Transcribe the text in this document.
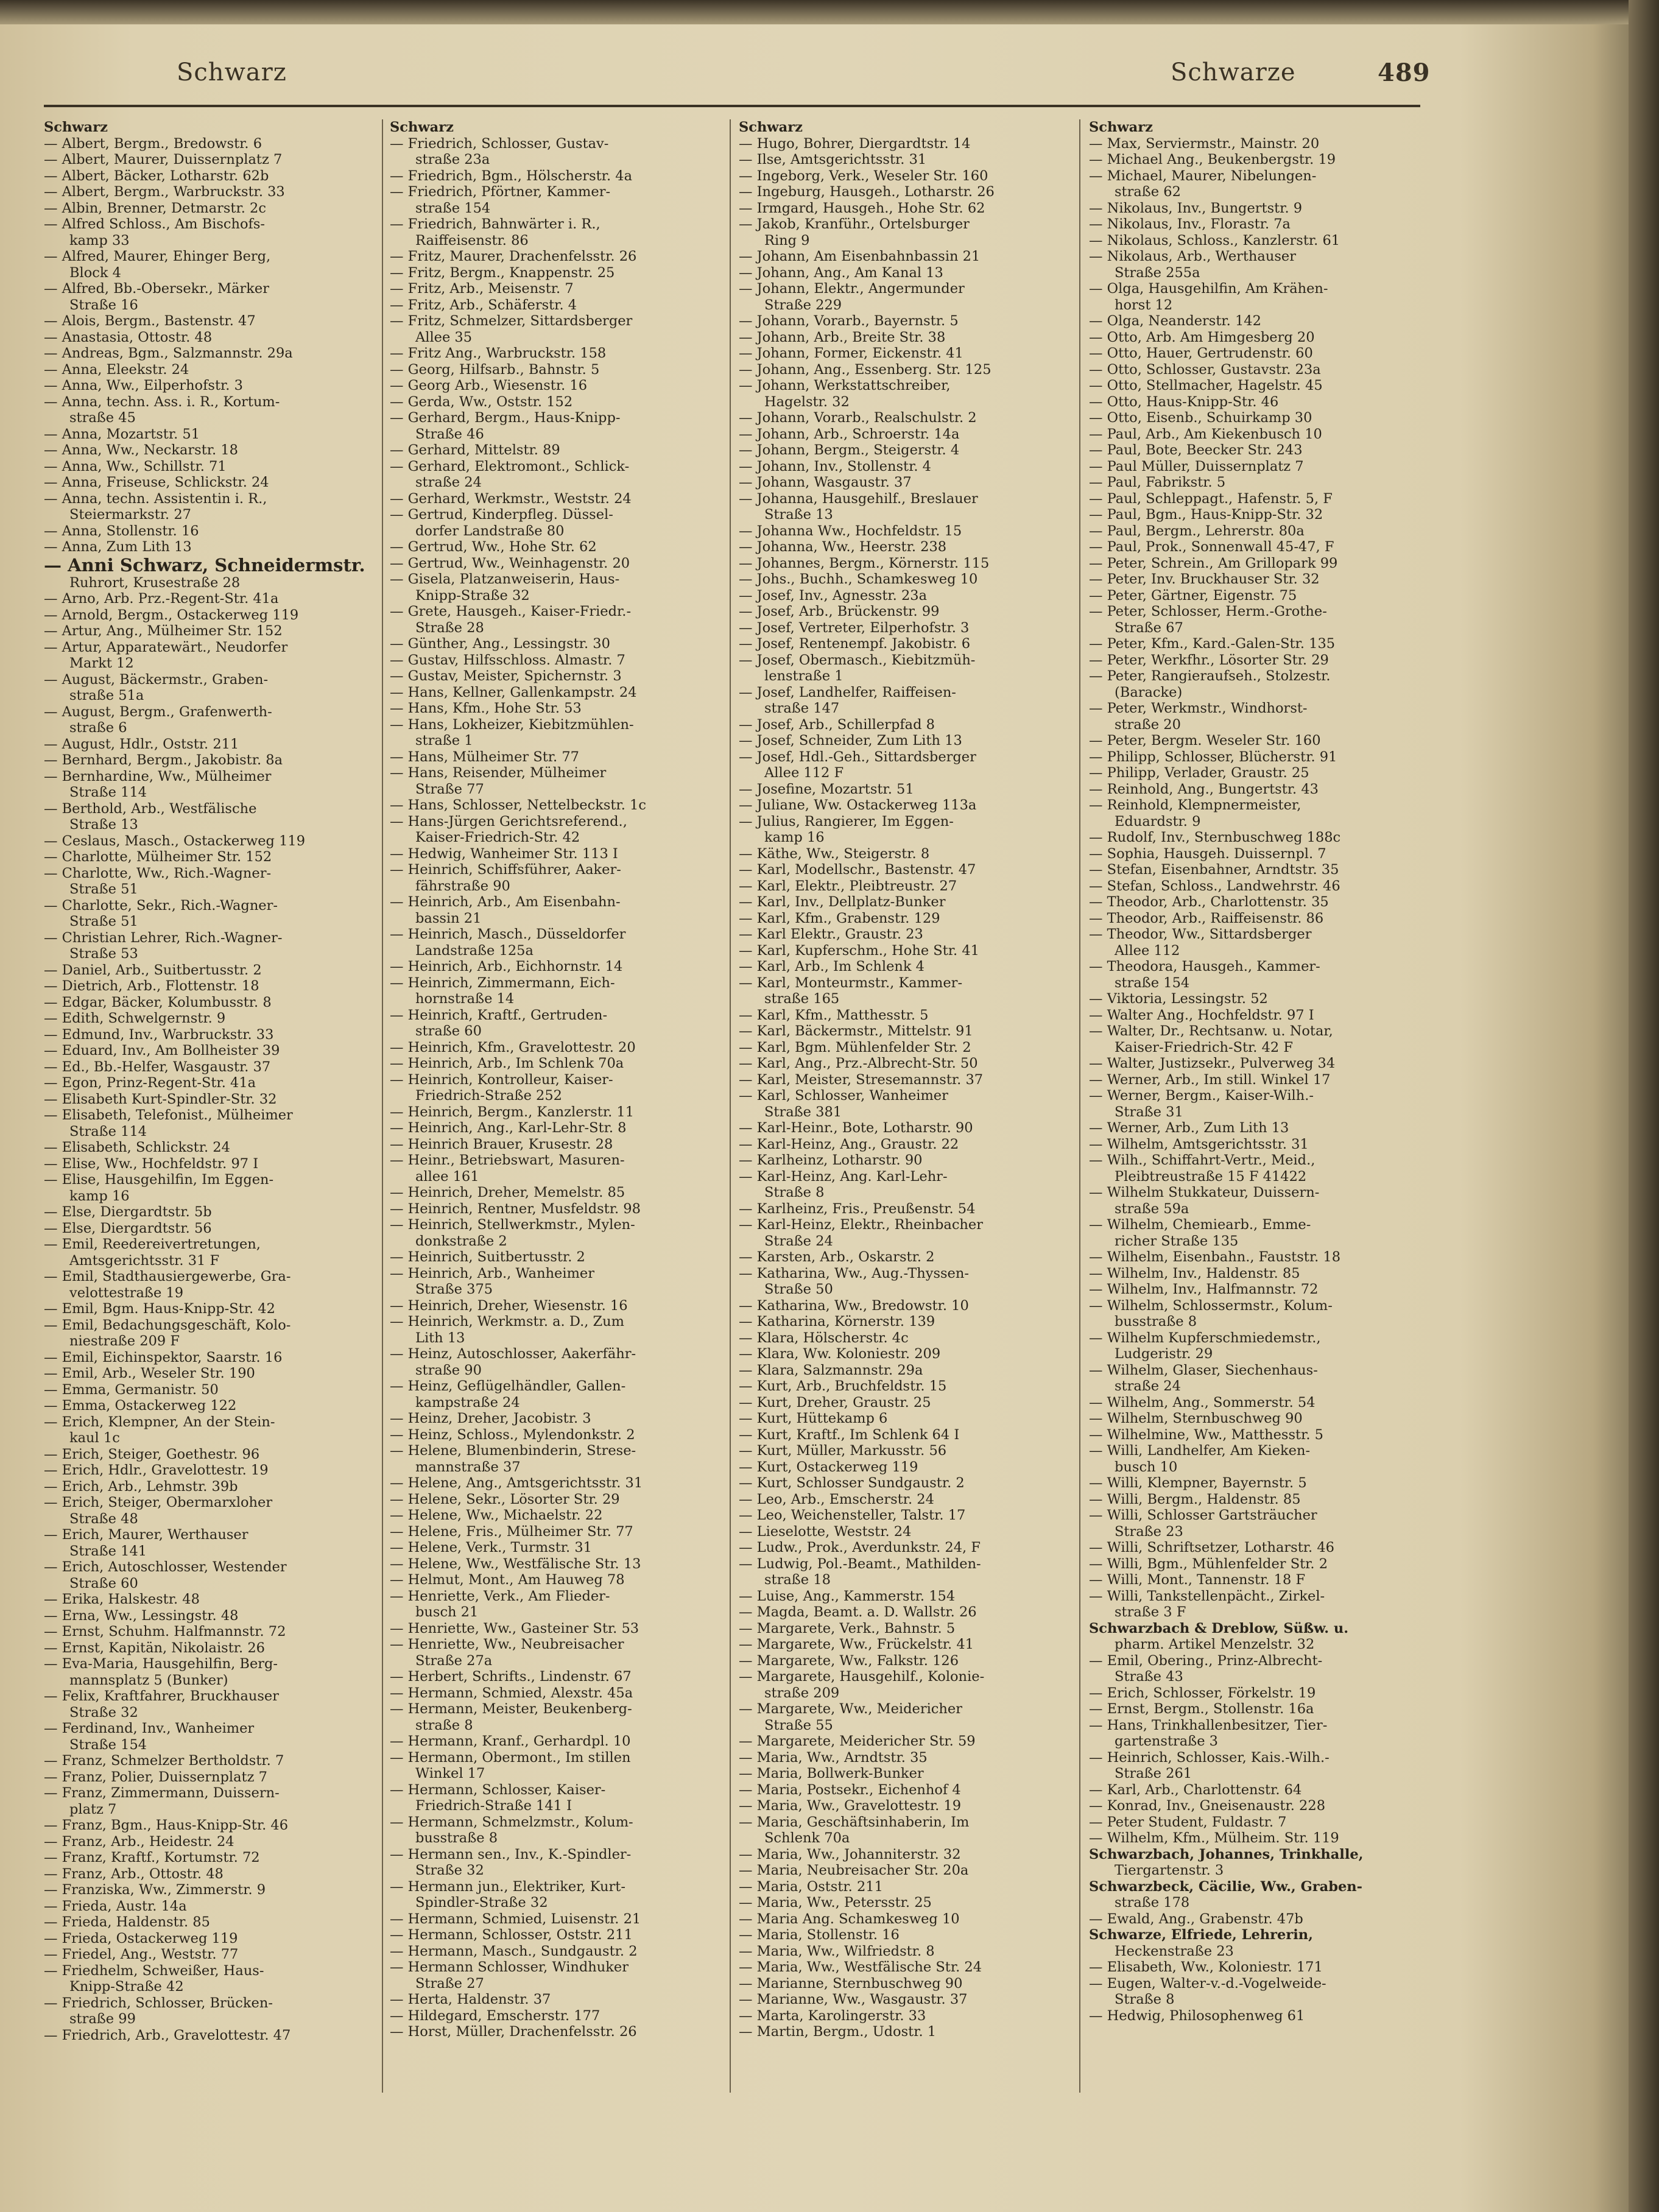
Schwarz	Schwarze	489
Schwarz
— Albert, Bergm., Bredowstr. 6
— Albert, Maurer, Duissernplatz 7
— Albert, Bäcker, Lotharstr. 62b
— Albert, Bergm., Warbruckstr. 33
— Albin, Brenner, Detmarstr. 2c
— Alfred Schloss., Am Bischofs-
kamp 33
— Alfred, Maurer, Ehinger Berg,
Block 4
— Alfred, Bb.-Obersekr., Märker
Straße 16
— Alois, Bergm., Bastenstr. 47
— Anastasia, Ottostr. 48
— Andreas, Bgm., Salzmannstr. 29a
— Anna, Eleekstr. 24
— Anna, Ww., Eilperhofstr. 3
— Anna, techn. Ass. i. R., Kortum-
straße 45
— Anna, Mozartstr. 51
— Anna, Ww., Neckarstr. 18
— Anna, Ww., Schillstr. 71
— Anna, Friseuse, Schlickstr. 24
— Anna, techn. Assistentin i. R.,
Steiermarkstr. 27
— Anna, Stollenstr. 16
— Anna, Zum Lith 13
— Anni Schwarz, Schneidermstr.
Ruhrort, Krusestraße 28
— Arno, Arb. Prz.-Regent-Str. 41a
— Arnold, Bergm., Ostackerweg 119
— Artur, Ang., Mülheimer Str. 152
— Artur, Apparatewärt., Neudorfer
Markt 12
— August, Bäckermstr., Graben-
straße 51a
— August, Bergm., Grafenwerth-
straße 6
— August, Hdlr., Oststr. 211
— Bernhard, Bergm., Jakobistr. 8a
— Bernhardine, Ww., Mülheimer
Straße 114
— Berthold, Arb., Westfälische
Straße 13
— Ceslaus, Masch., Ostackerweg 119
— Charlotte, Mülheimer Str. 152
— Charlotte, Ww., Rich.-Wagner-
Straße 51
— Charlotte, Sekr., Rich.-Wagner-
Straße 51
— Christian Lehrer, Rich.-Wagner-
Straße 53
— Daniel, Arb., Suitbertusstr. 2
— Dietrich, Arb., Flottenstr. 18
— Edgar, Bäcker, Kolumbusstr. 8
— Edith, Schwelgernstr. 9
— Edmund, Inv., Warbruckstr. 33
— Eduard, Inv., Am Bollheister 39
— Ed., Bb.-Helfer, Wasgaustr. 37
— Egon, Prinz-Regent-Str. 41a
— Elisabeth Kurt-Spindler-Str. 32
— Elisabeth, Telefonist., Mülheimer
Straße 114
— Elisabeth, Schlickstr. 24
— Elise, Ww., Hochfeldstr. 97 I
— Elise, Hausgehilfin, Im Eggen-
kamp 16
— Else, Diergardtstr. 5b
— Else, Diergardtstr. 56
— Emil, Reedereivertretungen,
Amtsgerichtsstr. 31 F
— Emil, Stadthausiergewerbe, Gra-
velottestraße 19
— Emil, Bgm. Haus-Knipp-Str. 42
— Emil, Bedachungsgeschäft, Kolo-
niestraße 209 F
— Emil, Eichinspektor, Saarstr. 16
— Emil, Arb., Weseler Str. 190
— Emma, Germanistr. 50
— Emma, Ostackerweg 122
— Erich, Klempner, An der Stein-
kaul 1c
— Erich, Steiger, Goethestr. 96
— Erich, Hdlr., Gravelottestr. 19
— Erich, Arb., Lehmstr. 39b
— Erich, Steiger, Obermarxloher
Straße 48
— Erich, Maurer, Werthauser
Straße 141
— Erich, Autoschlosser, Westender
Straße 60
— Erika, Halskestr. 48
— Erna, Ww., Lessingstr. 48
— Ernst, Schuhm. Halfmannstr. 72
— Ernst, Kapitän, Nikolaistr. 26
— Eva-Maria, Hausgehilfin, Berg-
mannsplatz 5 (Bunker)
— Felix, Kraftfahrer, Bruckhauser
Straße 32
— Ferdinand, Inv., Wanheimer
Straße 154
— Franz, Schmelzer Bertholdstr. 7
— Franz, Polier, Duissernplatz 7
— Franz, Zimmermann, Duissern-
platz 7
— Franz, Bgm., Haus-Knipp-Str. 46
— Franz, Arb., Heidestr. 24
— Franz, Kraftf., Kortumstr. 72
— Franz, Arb., Ottostr. 48
— Franziska, Ww., Zimmerstr. 9
— Frieda, Austr. 14a
— Frieda, Haldenstr. 85
— Frieda, Ostackerweg 119
— Friedel, Ang., Weststr. 77
— Friedhelm, Schweißer, Haus-
Knipp-Straße 42
— Friedrich, Schlosser, Brücken-
straße 99
— Friedrich, Arb., Gravelottestr. 47
Schwarz
— Friedrich, Schlosser, Gustav-
straße 23a
— Friedrich, Bgm., Hölscherstr. 4a
— Friedrich, Pförtner, Kammer-
straße 154
— Friedrich, Bahnwärter i. R.,
Raiffeisenstr. 86
— Fritz, Maurer, Drachenfelsstr. 26
— Fritz, Bergm., Knappenstr. 25
— Fritz, Arb., Meisenstr. 7
— Fritz, Arb., Schäferstr. 4
— Fritz, Schmelzer, Sittardsberger
Allee 35
— Fritz Ang., Warbruckstr. 158
— Georg, Hilfsarb., Bahnstr. 5
— Georg Arb., Wiesenstr. 16
— Gerda, Ww., Oststr. 152
— Gerhard, Bergm., Haus-Knipp-
Straße 46
— Gerhard, Mittelstr. 89
— Gerhard, Elektromont., Schlick-
straße 24
— Gerhard, Werkmstr., Weststr. 24
— Gertrud, Kinderpfleg. Düssel-
dorfer Landstraße 80
— Gertrud, Ww., Hohe Str. 62
— Gertrud, Ww., Weinhagenstr. 20
— Gisela, Platzanweiserin, Haus-
Knipp-Straße 32
— Grete, Hausgeh., Kaiser-Friedr.-
Straße 28
— Günther, Ang., Lessingstr. 30
— Gustav, Hilfsschloss. Almastr. 7
— Gustav, Meister, Spichernstr. 3
— Hans, Kellner, Gallenkampstr. 24
— Hans, Kfm., Hohe Str. 53
— Hans, Lokheizer, Kiebitzmühlen-
straße 1
— Hans, Mülheimer Str. 77
— Hans, Reisender, Mülheimer
Straße 77
— Hans, Schlosser, Nettelbeckstr. 1c
— Hans-Jürgen Gerichtsreferend.,
Kaiser-Friedrich-Str. 42
— Hedwig, Wanheimer Str. 113 I
— Heinrich, Schiffsführer, Aaker-
fährstraße 90
— Heinrich, Arb., Am Eisenbahn-
bassin 21
— Heinrich, Masch., Düsseldorfer
Landstraße 125a
— Heinrich, Arb., Eichhornstr. 14
— Heinrich, Zimmermann, Eich-
hornstraße 14
— Heinrich, Kraftf., Gertruden-
straße 60
— Heinrich, Kfm., Gravelottestr. 20
— Heinrich, Arb., Im Schlenk 70a
— Heinrich, Kontrolleur, Kaiser-
Friedrich-Straße 252
— Heinrich, Bergm., Kanzlerstr. 11
— Heinrich, Ang., Karl-Lehr-Str. 8
— Heinrich Brauer, Krusestr. 28
— Heinr., Betriebswart, Masuren-
allee 161
— Heinrich, Dreher, Memelstr. 85
— Heinrich, Rentner, Musfeldstr. 98
— Heinrich, Stellwerkmstr., Mylen-
donkstraße 2
— Heinrich, Suitbertusstr. 2
— Heinrich, Arb., Wanheimer
Straße 375
— Heinrich, Dreher, Wiesenstr. 16
— Heinrich, Werkmstr. a. D., Zum
Lith 13
— Heinz, Autoschlosser, Aakerfähr-
straße 90
— Heinz, Geflügelhändler, Gallen-
kampstraße 24
— Heinz, Dreher, Jacobistr. 3
— Heinz, Schloss., Mylendonkstr. 2
— Helene, Blumenbinderin, Strese-
mannstraße 37
— Helene, Ang., Amtsgerichtsstr. 31
— Helene, Sekr., Lösorter Str. 29
— Helene, Ww., Michaelstr. 22
— Helene, Fris., Mülheimer Str. 77
— Helene, Verk., Turmstr. 31
— Helene, Ww., Westfälische Str. 13
— Helmut, Mont., Am Hauweg 78
— Henriette, Verk., Am Flieder-
busch 21
— Henriette, Ww., Gasteiner Str. 53
— Henriette, Ww., Neubreisacher
Straße 27a
— Herbert, Schrifts., Lindenstr. 67
— Hermann, Schmied, Alexstr. 45a
— Hermann, Meister, Beukenberg-
straße 8
— Hermann, Kranf., Gerhardpl. 10
— Hermann, Obermont., Im stillen
Winkel 17
— Hermann, Schlosser, Kaiser-
Friedrich-Straße 141 I
— Hermann, Schmelzmstr., Kolum-
busstraße 8
— Hermann sen., Inv., K.-Spindler-
Straße 32
— Hermann jun., Elektriker, Kurt-
Spindler-Straße 32
— Hermann, Schmied, Luisenstr. 21
— Hermann, Schlosser, Oststr. 211
— Hermann, Masch., Sundgaustr. 2
— Hermann Schlosser, Windhuker
Straße 27
— Herta, Haldenstr. 37
— Hildegard, Emscherstr. 177
— Horst, Müller, Drachenfelsstr. 26
Schwarz
— Hugo, Bohrer, Diergardtstr. 14
— Ilse, Amtsgerichtsstr. 31
— Ingeborg, Verk., Weseler Str. 160
— Ingeburg, Hausgeh., Lotharstr. 26
— Irmgard, Hausgeh., Hohe Str. 62
— Jakob, Kranführ., Ortelsburger
Ring 9
— Johann, Am Eisenbahnbassin 21
— Johann, Ang., Am Kanal 13
— Johann, Elektr., Angermunder
Straße 229
— Johann, Vorarb., Bayernstr. 5
— Johann, Arb., Breite Str. 38
— Johann, Former, Eickenstr. 41
— Johann, Ang., Essenberg. Str. 125
— Johann, Werkstattschreiber,
Hagelstr. 32
— Johann, Vorarb., Realschulstr. 2
— Johann, Arb., Schroerstr. 14a
— Johann, Bergm., Steigerstr. 4
— Johann, Inv., Stollenstr. 4
— Johann, Wasgaustr. 37
— Johanna, Hausgehilf., Breslauer
Straße 13
— Johanna Ww., Hochfeldstr. 15
— Johanna, Ww., Heerstr. 238
— Johannes, Bergm., Körnerstr. 115
— Johs., Buchh., Schamkesweg 10
— Josef, Inv., Agnesstr. 23a
— Josef, Arb., Brückenstr. 99
— Josef, Vertreter, Eilperhofstr. 3
— Josef, Rentenempf. Jakobistr. 6
— Josef, Obermasch., Kiebitzmüh-
lenstraße 1
— Josef, Landhelfer, Raiffeisen-
straße 147
— Josef, Arb., Schillerpfad 8
— Josef, Schneider, Zum Lith 13
— Josef, Hdl.-Geh., Sittardsberger
Allee 112 F
— Josefine, Mozartstr. 51
— Juliane, Ww. Ostackerweg 113a
— Julius, Rangierer, Im Eggen-
kamp 16
— Käthe, Ww., Steigerstr. 8
— Karl, Modellschr., Bastenstr. 47
— Karl, Elektr., Pleibtreustr. 27
— Karl, Inv., Dellplatz-Bunker
— Karl, Kfm., Grabenstr. 129
— Karl Elektr., Graustr. 23
— Karl, Kupferschm., Hohe Str. 41
— Karl, Arb., Im Schlenk 4
— Karl, Monteurmstr., Kammer-
straße 165
— Karl, Kfm., Matthesstr. 5
— Karl, Bäckermstr., Mittelstr. 91
— Karl, Bgm. Mühlenfelder Str. 2
— Karl, Ang., Prz.-Albrecht-Str. 50
— Karl, Meister, Stresemannstr. 37
— Karl, Schlosser, Wanheimer
Straße 381
— Karl-Heinr., Bote, Lotharstr. 90
— Karl-Heinz, Ang., Graustr. 22
— Karlheinz, Lotharstr. 90
— Karl-Heinz, Ang. Karl-Lehr-
Straße 8
— Karlheinz, Fris., Preußenstr. 54
— Karl-Heinz, Elektr., Rheinbacher
Straße 24
— Karsten, Arb., Oskarstr. 2
— Katharina, Ww., Aug.-Thyssen-
Straße 50
— Katharina, Ww., Bredowstr. 10
— Katharina, Körnerstr. 139
— Klara, Hölscherstr. 4c
— Klara, Ww. Koloniestr. 209
— Klara, Salzmannstr. 29a
— Kurt, Arb., Bruchfeldstr. 15
— Kurt, Dreher, Graustr. 25
— Kurt, Hüttekamp 6
— Kurt, Kraftf., Im Schlenk 64 I
— Kurt, Müller, Markusstr. 56
— Kurt, Ostackerweg 119
— Kurt, Schlosser Sundgaustr. 2
— Leo, Arb., Emscherstr. 24
— Leo, Weichensteller, Talstr. 17
— Lieselotte, Weststr. 24
— Ludw., Prok., Averdunkstr. 24, F
— Ludwig, Pol.-Beamt., Mathilden-
straße 18
— Luise, Ang., Kammerstr. 154
— Magda, Beamt. a. D. Wallstr. 26
— Margarete, Verk., Bahnstr. 5
— Margarete, Ww., Frückelstr. 41
— Margarete, Ww., Falkstr. 126
— Margarete, Hausgehilf., Kolonie-
straße 209
— Margarete, Ww., Meidericher
Straße 55
— Margarete, Meidericher Str. 59
— Maria, Ww., Arndtstr. 35
— Maria, Bollwerk-Bunker
— Maria, Postsekr., Eichenhof 4
— Maria, Ww., Gravelottestr. 19
— Maria, Geschäftsinhaberin, Im
Schlenk 70a
— Maria, Ww., Johanniterstr. 32
— Maria, Neubreisacher Str. 20a
— Maria, Oststr. 211
— Maria, Ww., Petersstr. 25
— Maria Ang. Schamkesweg 10
— Maria, Stollenstr. 16
— Maria, Ww., Wilfriedstr. 8
— Maria, Ww., Westfälische Str. 24
— Marianne, Sternbuschweg 90
— Marianne, Ww., Wasgaustr. 37
— Marta, Karolingerstr. 33
— Martin, Bergm., Udostr. 1
Schwarz
— Max, Serviermstr., Mainstr. 20
— Michael Ang., Beukenbergstr. 19
— Michael, Maurer, Nibelungen-
straße 62
— Nikolaus, Inv., Bungertstr. 9
— Nikolaus, Inv., Florastr. 7a
— Nikolaus, Schloss., Kanzlerstr. 61
— Nikolaus, Arb., Werthauser
Straße 255a
— Olga, Hausgehilfin, Am Krähen-
horst 12
— Olga, Neanderstr. 142
— Otto, Arb. Am Himgesberg 20
— Otto, Hauer, Gertrudenstr. 60
— Otto, Schlosser, Gustavstr. 23a
— Otto, Stellmacher, Hagelstr. 45
— Otto, Haus-Knipp-Str. 46
— Otto, Eisenb., Schuirkamp 30
— Paul, Arb., Am Kiekenbusch 10
— Paul, Bote, Beecker Str. 243
— Paul Müller, Duissernplatz 7
— Paul, Fabrikstr. 5
— Paul, Schleppagt., Hafenstr. 5, F
— Paul, Bgm., Haus-Knipp-Str. 32
— Paul, Bergm., Lehrerstr. 80a
— Paul, Prok., Sonnenwall 45-47, F
— Peter, Schrein., Am Grillopark 99
— Peter, Inv. Bruckhauser Str. 32
— Peter, Gärtner, Eigenstr. 75
— Peter, Schlosser, Herm.-Grothe-
Straße 67
— Peter, Kfm., Kard.-Galen-Str. 135
— Peter, Werkfhr., Lösorter Str. 29
— Peter, Rangieraufseh., Stolzestr.
(Baracke)
— Peter, Werkmstr., Windhorst-
straße 20
— Peter, Bergm. Weseler Str. 160
— Philipp, Schlosser, Blücherstr. 91
— Philipp, Verlader, Graustr. 25
— Reinhold, Ang., Bungertstr. 43
— Reinhold, Klempnermeister,
Eduardstr. 9
— Rudolf, Inv., Sternbuschweg 188c
— Sophia, Hausgeh. Duissernpl. 7
— Stefan, Eisenbahner, Arndtstr. 35
— Stefan, Schloss., Landwehrstr. 46
— Theodor, Arb., Charlottenstr. 35
— Theodor, Arb., Raiffeisenstr. 86
— Theodor, Ww., Sittardsberger
Allee 112
— Theodora, Hausgeh., Kammer-
straße 154
— Viktoria, Lessingstr. 52
— Walter Ang., Hochfeldstr. 97 I
— Walter, Dr., Rechtsanw. u. Notar,
Kaiser-Friedrich-Str. 42 F
— Walter, Justizsekr., Pulverweg 34
— Werner, Arb., Im still. Winkel 17
— Werner, Bergm., Kaiser-Wilh.-
Straße 31
— Werner, Arb., Zum Lith 13
— Wilhelm, Amtsgerichtsstr. 31
— Wilh., Schiffahrt-Vertr., Meid.,
Pleibtreustraße 15 F 41422
— Wilhelm Stukkateur, Duissern-
straße 59a
— Wilhelm, Chemiearb., Emme-
richer Straße 135
— Wilhelm, Eisenbahn., Fauststr. 18
— Wilhelm, Inv., Haldenstr. 85
— Wilhelm, Inv., Halfmannstr. 72
— Wilhelm, Schlossermstr., Kolum-
busstraße 8
— Wilhelm Kupferschmiedemstr.,
Ludgeristr. 29
— Wilhelm, Glaser, Siechenhaus-
straße 24
— Wilhelm, Ang., Sommerstr. 54
— Wilhelm, Sternbuschweg 90
— Wilhelmine, Ww., Matthesstr. 5
— Willi, Landhelfer, Am Kieken-
busch 10
— Willi, Klempner, Bayernstr. 5
— Willi, Bergm., Haldenstr. 85
— Willi, Schlosser Gartsträucher
Straße 23
— Willi, Schriftsetzer, Lotharstr. 46
— Willi, Bgm., Mühlenfelder Str. 2
— Willi, Mont., Tannenstr. 18 F
— Willi, Tankstellenpächt., Zirkel-
straße 3 F
Schwarzbach & Dreblow, Süßw. u.
pharm. Artikel Menzelstr. 32
— Emil, Obering., Prinz-Albrecht-
Straße 43
— Erich, Schlosser, Förkelstr. 19
— Ernst, Bergm., Stollenstr. 16a
— Hans, Trinkhallenbesitzer, Tier-
gartenstraße 3
— Heinrich, Schlosser, Kais.-Wilh.-
Straße 261
— Karl, Arb., Charlottenstr. 64
— Konrad, Inv., Gneisenaustr. 228
— Peter Student, Fuldastr. 7
— Wilhelm, Kfm., Mülheim. Str. 119
Schwarzbach, Johannes, Trinkhalle,
Tiergartenstr. 3
Schwarzbeck, Cäcilie, Ww., Graben-
straße 178
— Ewald, Ang., Grabenstr. 47b
Schwarze, Elfriede, Lehrerin,
Heckenstraße 23
— Elisabeth, Ww., Koloniestr. 171
— Eugen, Walter-v.-d.-Vogelweide-
Straße 8
— Hedwig, Philosophenweg 61
